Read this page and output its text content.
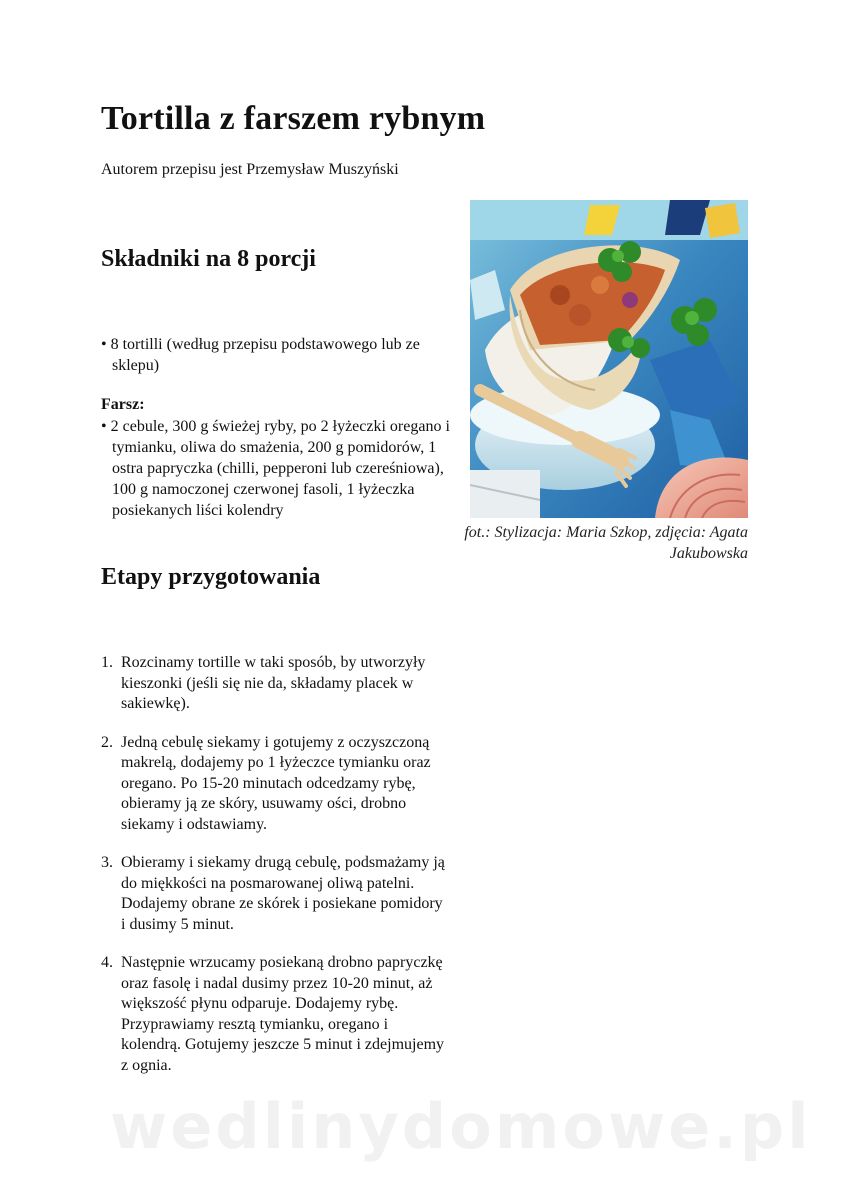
Tortilla z farszem rybnym

Autorem przepisu jest Przemysław Muszyński

Składniki na 8 porcji

• 8 tortilli (według przepisu podstawowego lub ze sklepu)

Farsz:

• 2 cebule, 300 g świeżej ryby, po 2 łyżeczki oregano i tymianku, oliwa do smażenia, 200 g pomidorów, 1 ostra papryczka (chilli, pepperoni lub czereśniowa), 100 g namoczonej czerwonej fasoli, 1 łyżeczka posiekanych liści kolendry

Etapy przygotowania
1. Rozcinamy tortille w taki sposób, by utworzyły kieszonki (jeśli się nie da, składamy placek w sakiewkę).
2. Jedną cebulę siekamy i gotujemy z oczyszczoną makrelą, dodajemy po 1 łyżeczce tymianku oraz oregano. Po 15-20 minutach odcedzamy rybę, obieramy ją ze skóry, usuwamy ości, drobno siekamy i odstawiamy.
3. Obieramy i siekamy drugą cebulę, podsmażamy ją do miękkości na posmarowanej oliwą patelni. Dodajemy obrane ze skórek i posiekane pomidory i dusimy 5 minut.
4. Następnie wrzucamy posiekaną drobno papryczkę oraz fasolę i nadal dusimy przez 10-20 minut, aż większość płynu odparuje. Dodajemy rybę. Przyprawiamy resztą tymianku, oregano i kolendrą. Gotujemy jeszcze 5 minut i zdejmujemy z ognia.

fot.: Stylizacja: Maria Szkop, zdjęcia: Agata Jakubowska

wedlinydomowe.pl
